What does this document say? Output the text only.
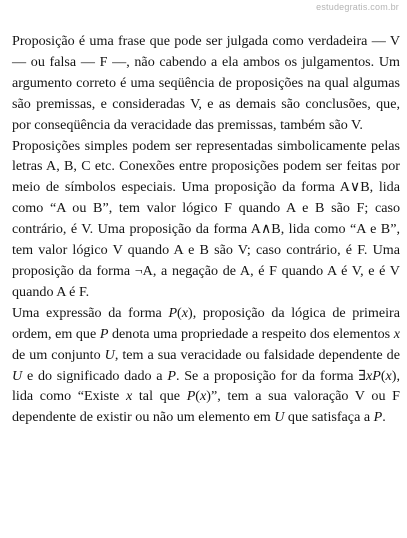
estudegratis.com.br

Proposição é uma frase que pode ser julgada como verdadeira — V — ou falsa — F —, não cabendo a ela ambos os julgamentos. Um argumento correto é uma seqüência de proposições na qual algumas são premissas, e consideradas V, e as demais são conclusões, que, por conseqüência da veracidade das premissas, também são V.

Proposições simples podem ser representadas simbolicamente pelas letras A, B, C etc. Conexões entre proposições podem ser feitas por meio de símbolos especiais. Uma proposição da forma A∨B, lida como “A ou B”, tem valor lógico F quando A e B são F; caso contrário, é V. Uma proposição da forma A∧B, lida como “A e B”, tem valor lógico V quando A e B são V; caso contrário, é F. Uma proposição da forma ¬A, a negação de A, é F quando A é V, e é V quando A é F.

Uma expressão da forma P(x), proposição da lógica de primeira ordem, em que P denota uma propriedade a respeito dos elementos x de um conjunto U, tem a sua veracidade ou falsidade dependente de U e do significado dado a P. Se a proposição for da forma ∃xP(x), lida como “Existe x tal que P(x)”, tem a sua valoração V ou F dependente de existir ou não um elemento em U que satisfaça a P.
